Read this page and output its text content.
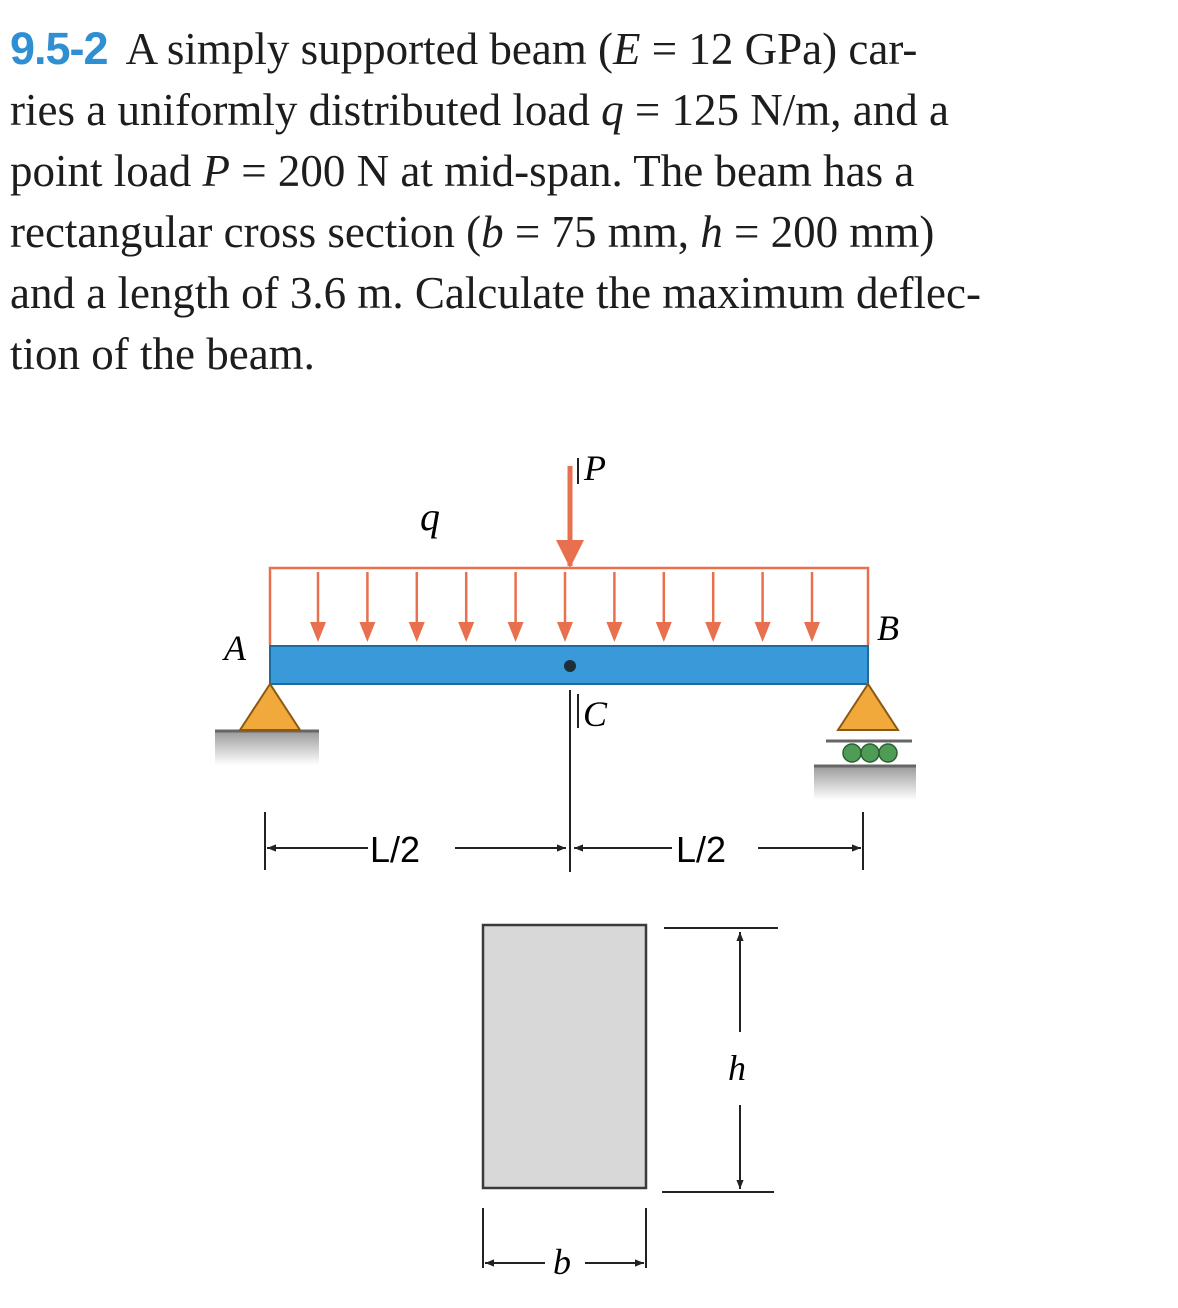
9.5-2 A simply supported beam (E = 12 GPa) car-
ries a uniformly distributed load q = 125 N/m, and a
point load P = 200 N at mid-span. The beam has a
rectangular cross section (b = 75 mm, h = 200 mm)
and a length of 3.6 m. Calculate the maximum deflec-
tion of the beam.

P
q
A	B
C
L/2	L/2
h
b
